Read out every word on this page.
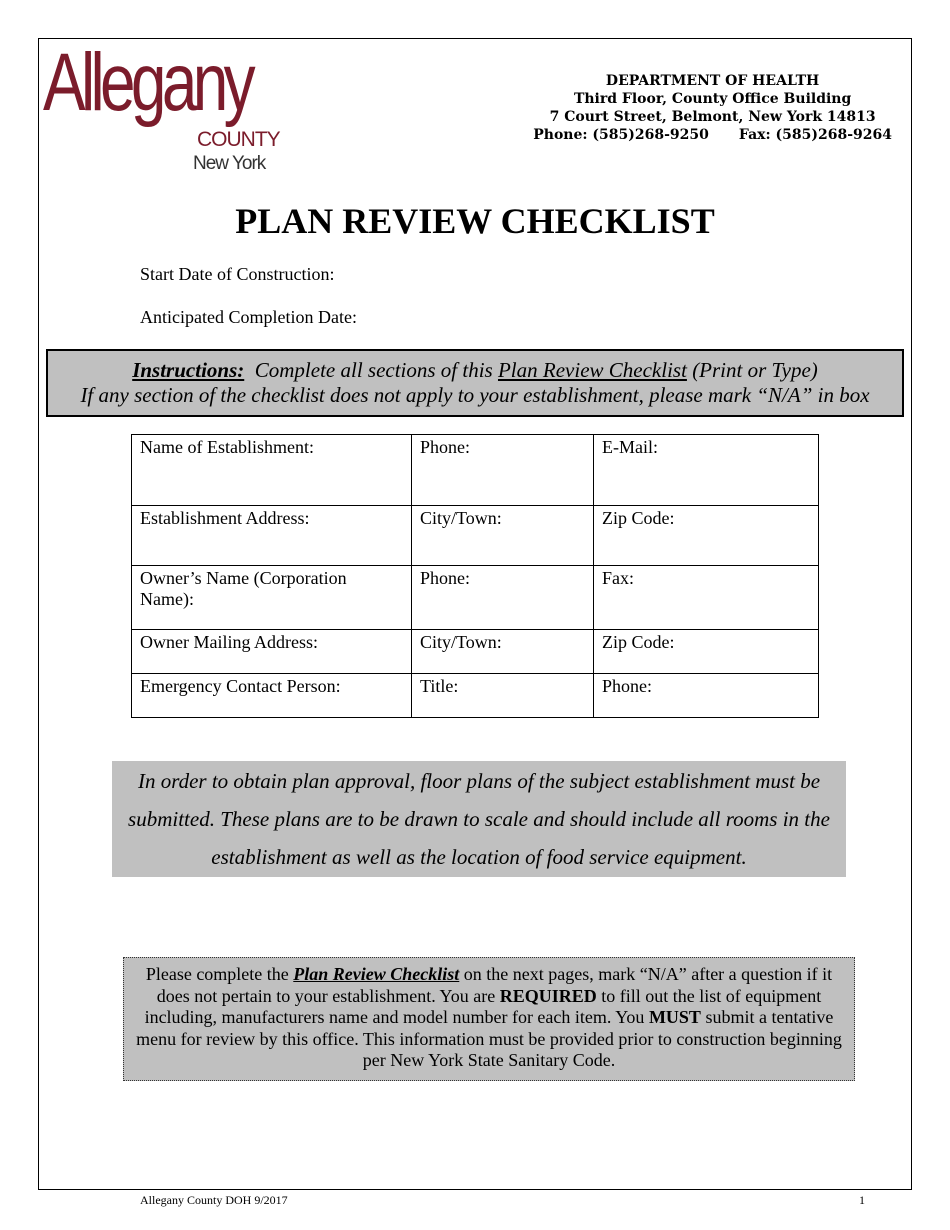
Allegany
COUNTY
New York
DEPARTMENT OF HEALTH
Third Floor, County Office Building
7 Court Street, Belmont, New York 14813
Phone: (585)268-9250 Fax: (585)268-9264
PLAN REVIEW CHECKLIST
Start Date of Construction:
Anticipated Completion Date:
Instructions: Complete all sections of this Plan Review Checklist (Print or Type)
If any section of the checklist does not apply to your establishment, please mark “N/A” in box
Name of Establishment:	Phone:	E-Mail:
Establishment Address:	City/Town:	Zip Code:
Owner’s Name (Corporation Name):	Phone:	Fax:
Owner Mailing Address:	City/Town:	Zip Code:
Emergency Contact Person:	Title:	Phone:
In order to obtain plan approval, floor plans of the subject establishment must be submitted. These plans are to be drawn to scale and should include all rooms in the establishment as well as the location of food service equipment.
Please complete the Plan Review Checklist on the next pages, mark “N/A” after a question if it does not pertain to your establishment. You are REQUIRED to fill out the list of equipment including, manufacturers name and model number for each item. You MUST submit a tentative menu for review by this office. This information must be provided prior to construction beginning per New York State Sanitary Code.
Allegany County DOH 9/2017	1
